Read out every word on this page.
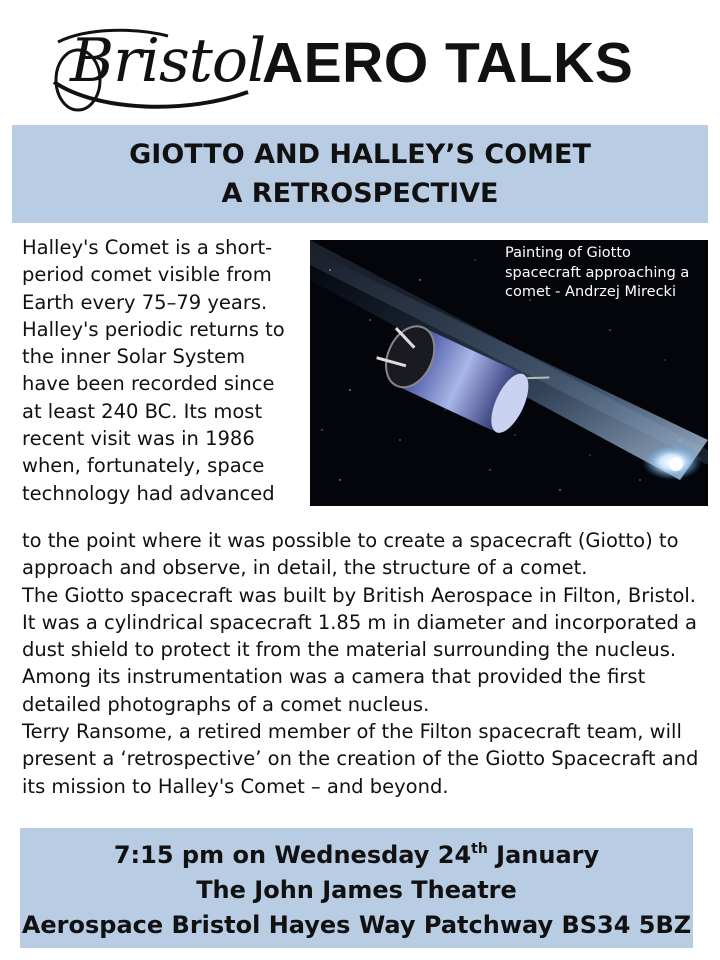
Bristol
AERO TALKS
GIOTTO AND HALLEY’S COMET
A RETROSPECTIVE

Halley's Comet is a short-period comet visible from Earth every 75–79 years. Halley's periodic returns to the inner Solar System have been recorded since at least 240 BC. Its most recent visit was in 1986 when, fortunately, space technology had advanced

Painting of Giotto spacecraft approaching a comet - Andrzej Mirecki

to the point where it was possible to create a spacecraft (Giotto) to approach and observe, in detail, the structure of a comet.

The Giotto spacecraft was built by British Aerospace in Filton, Bristol. It was a cylindrical spacecraft 1.85 m in diameter and incorporated a dust shield to protect it from the material surrounding the nucleus. Among its instrumentation was a camera that provided the first detailed photographs of a comet nucleus.

Terry Ransome, a retired member of the Filton spacecraft team, will present a ‘retrospective’ on the creation of the Giotto Spacecraft and its mission to Halley's Comet – and beyond.

7:15 pm on Wednesday 24th January
The John James Theatre
Aerospace Bristol Hayes Way Patchway BS34 5BZ
